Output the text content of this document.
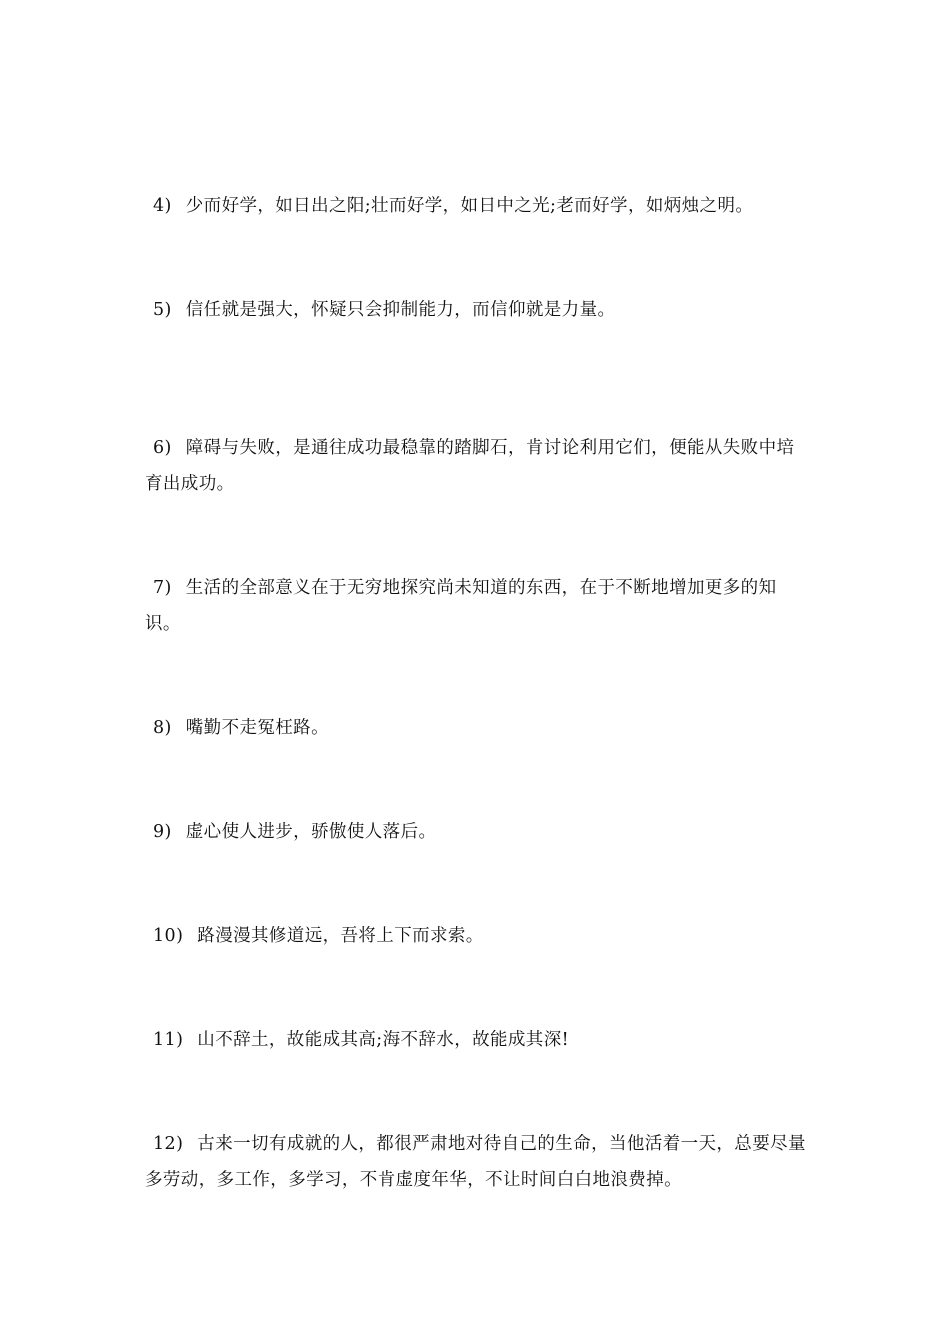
4) 少而好学，如日出之阳;壮而好学，如日中之光;老而好学，如炳烛之明。

5) 信任就是强大，怀疑只会抑制能力，而信仰就是力量。

6) 障碍与失败，是通往成功最稳靠的踏脚石，肯讨论利用它们，便能从失败中培育出成功。

7) 生活的全部意义在于无穷地探究尚未知道的东西，在于不断地增加更多的知识。

8) 嘴勤不走冤枉路。

9) 虚心使人进步，骄傲使人落后。

10) 路漫漫其修道远，吾将上下而求索。

11) 山不辞土，故能成其高;海不辞水，故能成其深!

12) 古来一切有成就的人，都很严肃地对待自己的生命，当他活着一天，总要尽量多劳动，多工作，多学习，不肯虚度年华，不让时间白白地浪费掉。
